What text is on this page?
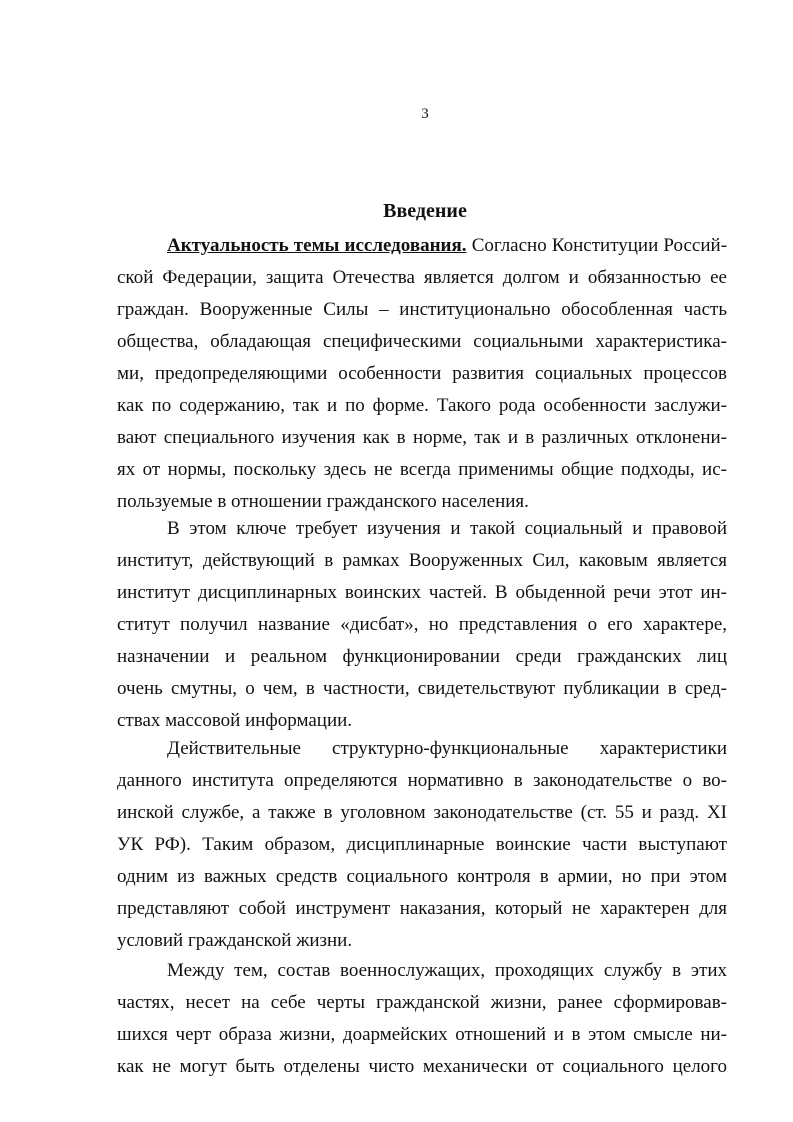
3
Введение
Актуальность темы исследования. Согласно Конституции Россий-
ской Федерации, защита Отечества является долгом и обязанностью ее
граждан. Вооруженные Силы – институционально обособленная часть
общества, обладающая специфическими социальными характеристика-
ми, предопределяющими особенности развития социальных процессов
как по содержанию, так и по форме. Такого рода особенности заслужи-
вают специального изучения как в норме, так и в различных отклонени-
ях от нормы, поскольку здесь не всегда применимы общие подходы, ис-
пользуемые в отношении гражданского населения.
В этом ключе требует изучения и такой социальный и правовой
институт, действующий в рамках Вооруженных Сил, каковым является
институт дисциплинарных воинских частей. В обыденной речи этот ин-
ститут получил название «дисбат», но представления о его характере,
назначении и реальном функционировании среди гражданских лиц
очень смутны, о чем, в частности, свидетельствуют публикации в сред-
ствах массовой информации.
Действительные структурно-функциональные характеристики
данного института определяются нормативно в законодательстве о во-
инской службе, а также в уголовном законодательстве (ст. 55 и разд. XI
УК РФ). Таким образом, дисциплинарные воинские части выступают
одним из важных средств социального контроля в армии, но при этом
представляют собой инструмент наказания, который не характерен для
условий гражданской жизни.
Между тем, состав военнослужащих, проходящих службу в этих
частях, несет на себе черты гражданской жизни, ранее сформировав-
шихся черт образа жизни, доармейских отношений и в этом смысле ни-
как не могут быть отделены чисто механически от социального целого
